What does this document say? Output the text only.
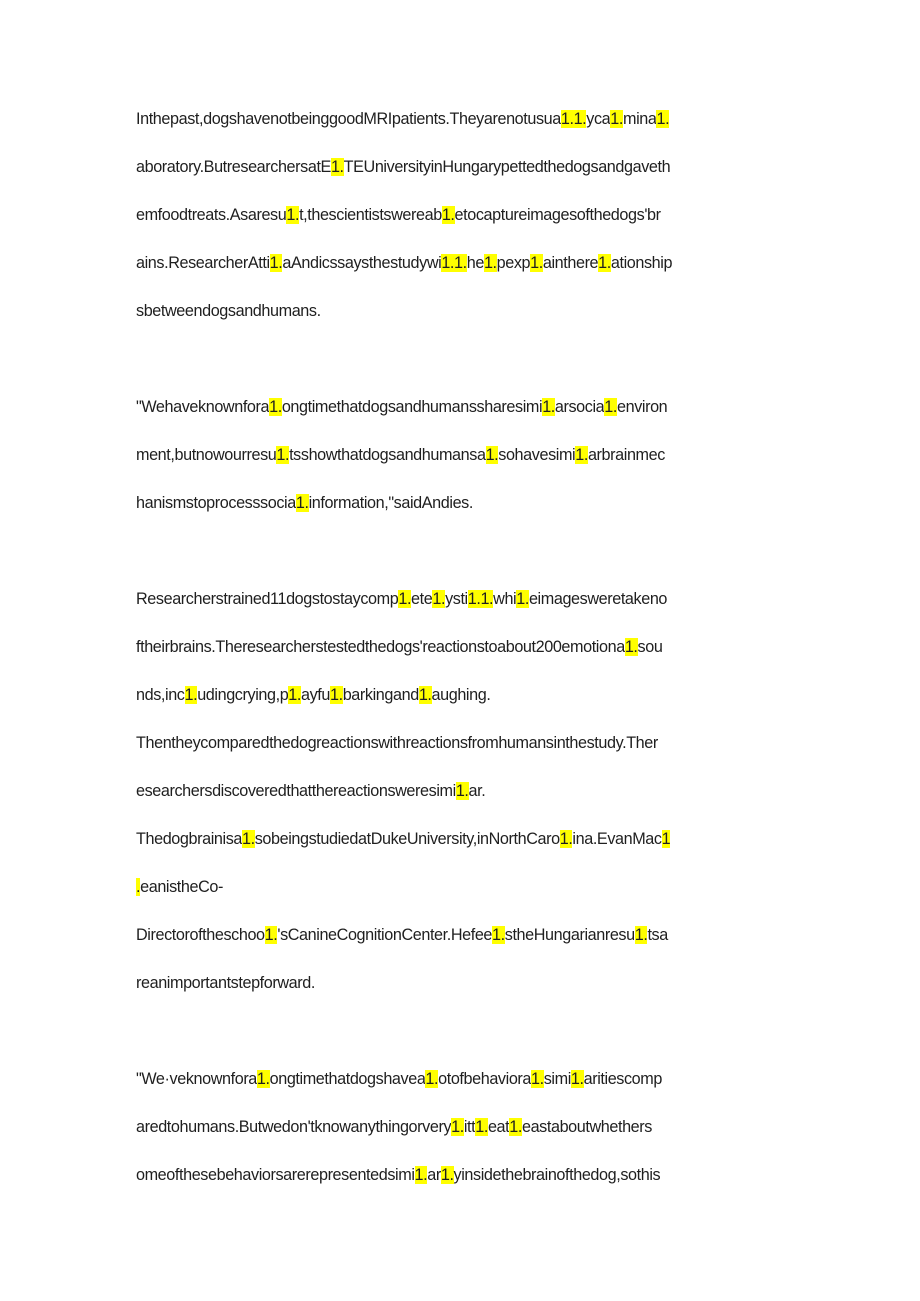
Inthepast,dogshavenotbeinggoodMRIpatients.Theyarenotusua1.1.yca1.mina1.
aboratory.ButresearchersatE1.TEUniversityinHungarypettedthedogsandgaveth
emfoodtreats.Asaresu1.t,thescientistswereab1.etocaptureimagesofthedogs'br
ains.ResearcherAtti1.aAndicssaysthestudywi1.1.he1.pexp1.ainthere1.ationship
sbetweendogsandhumans.
"Wehaveknownfora1.ongtimethatdogsandhumanssharesimi1.arsocia1.environ
ment,butnowourresu1.tsshowthatdogsandhumansa1.sohavesimi1.arbrainmec
hanismstoprocesssocia1.information,"saidAndies.
Researcherstrained11dogstostaycomp1.ete1.ysti1.1.whi1.eimagesweretakeno
ftheirbrains.Theresearcherstestedthedogs'reactionstoabout200emotiona1.sou
nds,inc1.udingcrying,p1.ayfu1.barkingand1.aughing.
Thentheycomparedthedogreactionswithreactionsfromhumansinthestudy.Ther
esearchersdiscoveredthatthereactionsweresimi1.ar.
Thedogbrainisa1.sobeingstudiedatDukeUniversity,inNorthCaro1.ina.EvanMac1
.eanistheCo-
Directoroftheschoo1.'sCanineCognitionCenter.Hefee1.stheHungarianresu1.tsa
reanimportantstepforward.
"We·veknownfora1.ongtimethatdogshavea1.otofbehaviora1.simi1.aritiescomp
aredtohumans.Butwedon'tknowanythingorvery1.itt1.eat1.eastaboutwhethers
omeofthesebehaviorsarerepresentedsimi1.ar1.yinsidethebrainofthedog,sothis
